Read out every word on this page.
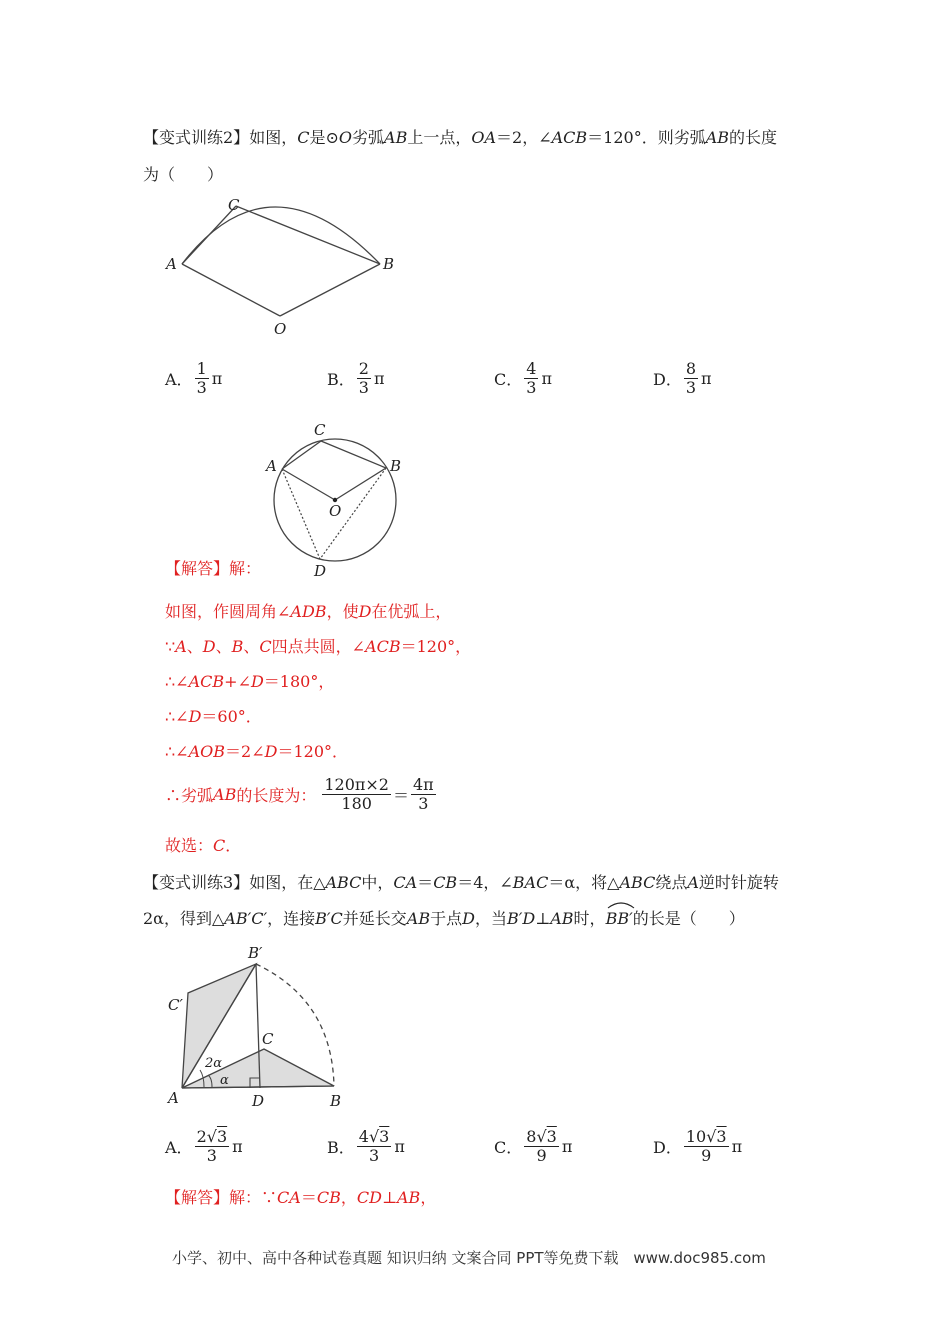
【变式训练2】如图，C是⊙O劣弧AB上一点，OA＝2，∠ACB＝120°．则劣弧AB的长度
为（　　）
A	B
C
O
A． $\frac{1}{3}$ π	B． $\frac{2}{3}$ π	C． $\frac{4}{3}$ π	D． $\frac{8}{3}$ π
A	B
C
O
D
【解答】解：
如图，作圆周角∠ADB，使D在优弧上，
∵A、D、B、C四点共圆，∠ACB＝120°，
∴∠ACB+∠D＝180°，
∴∠D＝60°．
∴∠AOB＝2∠D＝120°．
∴劣弧 AB 的长度为： $\frac{120\pi\times 2}{180} = \frac{4\pi}{3}$
故选：C．
【变式训练3】如图，在△ABC中，CA＝CB＝4，∠BAC＝α，将△ABC绕点A逆时针旋转
2α，得到△AB′C′，连接B′C并延长交AB于点D，当B′D⊥AB时，BB′
的长是（　　）
A	B
C
D
B′
C′
2α
α
A． $\frac{2√3}{3}$ π	B． $\frac{4√3}{3}$ π	C． $\frac{8√3}{9}$ π	D． $\frac{10√3}{9}$ π
【解答】解：∵CA＝CB，CD⊥AB，
小学、初中、高中各种试卷真题 知识归纳 文案合同 PPT等免费下载 www.doc985.com
